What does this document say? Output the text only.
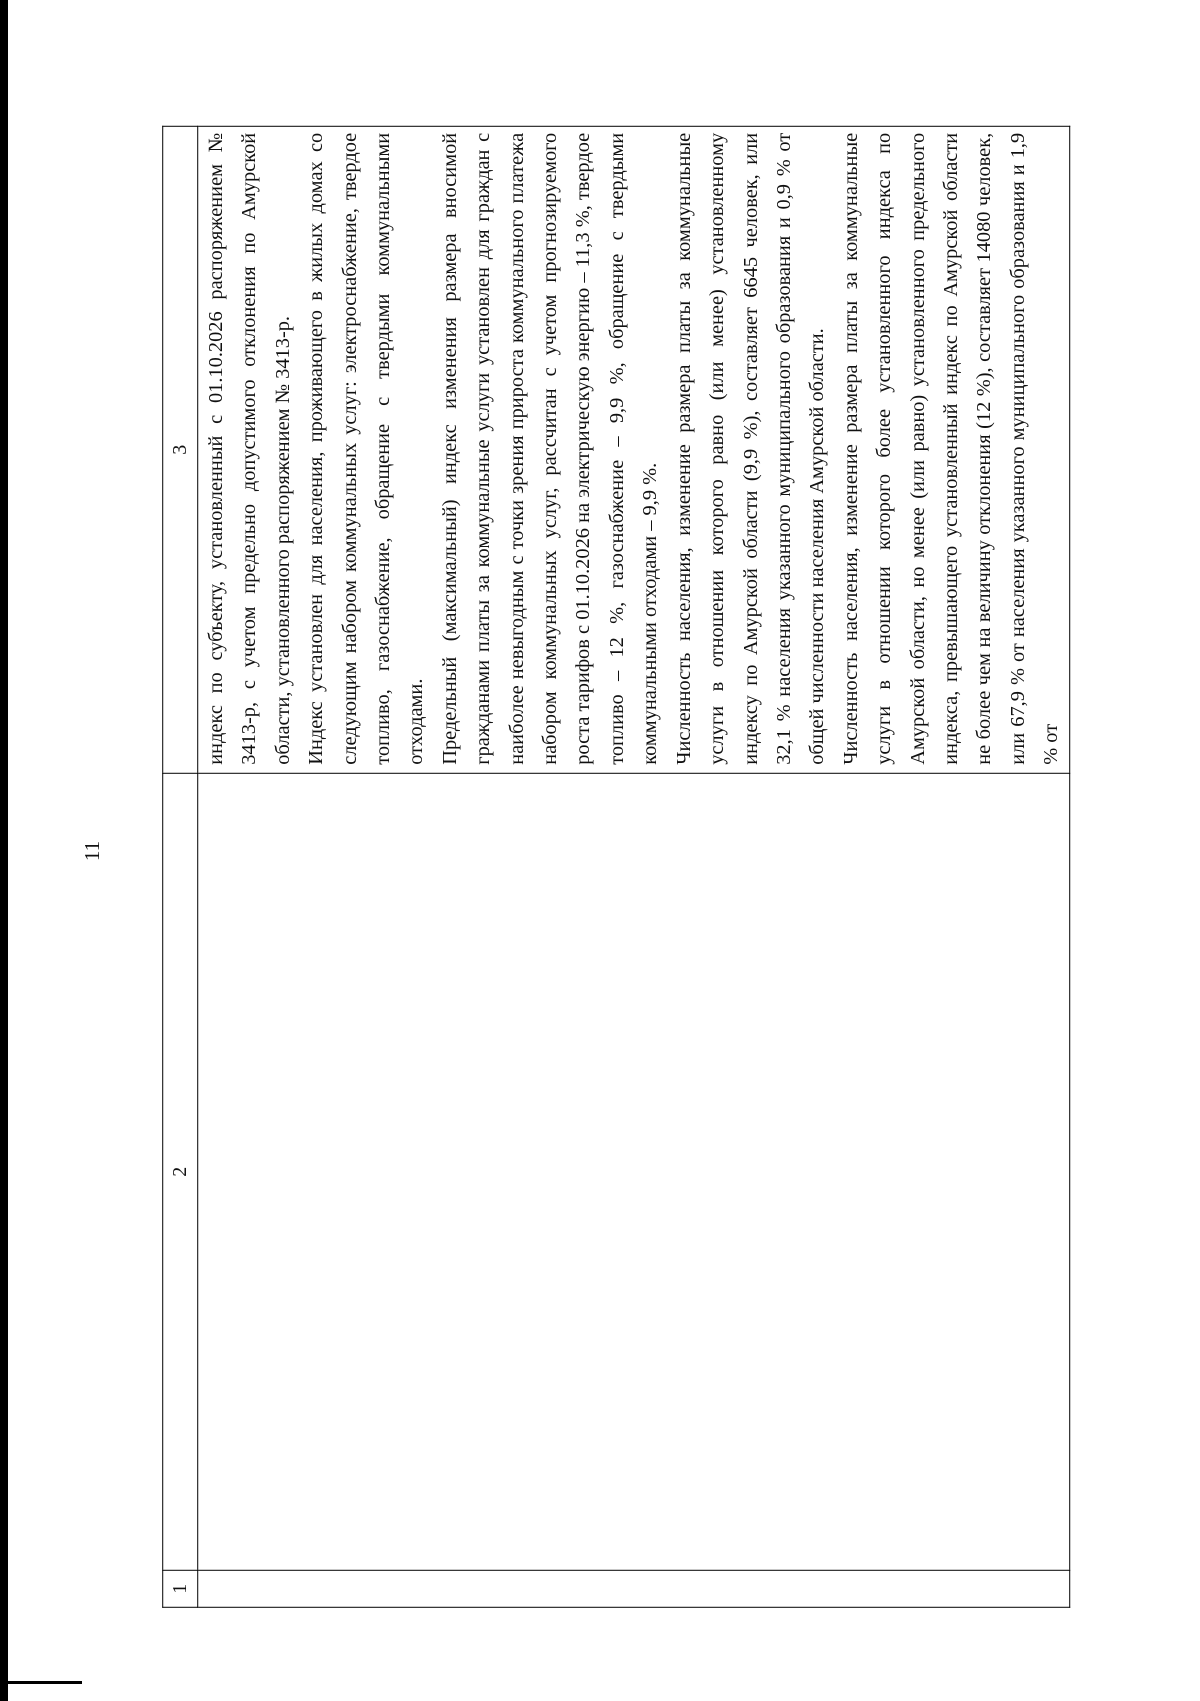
11
1	2	3

		индекс по субъекту, установленный с 01.10.2026 распоряжением № 3413-р, с учетом предельно допустимого отклонения по Амурской области, установленного распоряжением № 3413-р. Индекс установлен для населения, проживающего в жилых домах со следующим набором коммунальных услуг: электроснабжение, твердое топливо, газоснабжение, обращение с твердыми коммунальными отходами. Предельный (максимальный) индекс изменения размера вносимой гражданами платы за коммунальные услуги установлен для граждан с наиболее невыгодным с точки зрения прироста коммунального платежа набором коммунальных услуг, рассчитан с учетом прогнозируемого роста тарифов с 01.10.2026 на электрическую энергию – 11,3 %, твердое топливо – 12 %, газоснабжение – 9,9 %, обращение с твердыми коммунальными отходами – 9,9 %. Численность населения, изменение размера платы за коммунальные услуги в отношении которого равно (или менее) установленному индексу по Амурской области (9,9 %), составляет 6645 человек, или 32,1 % населения указанного муниципального образования и 0,9 % от общей численности населения Амурской области. Численность населения, изменение размера платы за коммунальные услуги в отношении которого более установленного индекса по Амурской области, но менее (или равно) установленного предельного индекса, превышающего установленный индекс по Амурской области не более чем на величину отклонения (12 %), составляет 14080 человек, или 67,9 % от населения указанного муниципального образования и 1,9 % от
